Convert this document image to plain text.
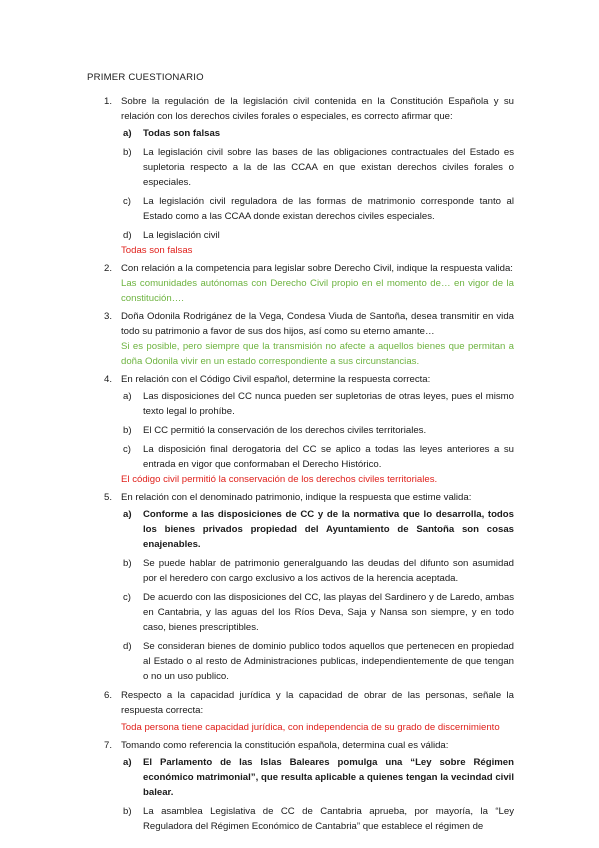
PRIMER CUESTIONARIO
1. Sobre la regulación de la legislación civil contenida en la Constitución Española y su relación con los derechos civiles forales o especiales, es correcto afirmar que:
a) Todas son falsas
b) La legislación civil sobre las bases de las obligaciones contractuales del Estado es supletoria respecto a la de las CCAA en que existan derechos civiles forales o especiales.
c) La legislación civil reguladora de las formas de matrimonio corresponde tanto al Estado como a las CCAA donde existan derechos civiles especiales.
d) La legislación civil
Todas son falsas
2. Con relación a la competencia para legislar sobre Derecho Civil, indique la respuesta valida:
Las comunidades autónomas con Derecho Civil propio en el momento de… en vigor de la constitución….
3. Doña Odonila Rodrigánez de la Vega, Condesa Viuda de Santoña, desea transmitir en vida todo su patrimonio a favor de sus dos hijos, así como su eterno amante…
Si es posible, pero siempre que la transmisión no afecte a aquellos bienes que permitan a doña Odonila vivir en un estado correspondiente a sus circunstancias.
4. En relación con el Código Civil español, determine la respuesta correcta:
a) Las disposiciones del CC nunca pueden ser supletorias de otras leyes, pues el mismo texto legal lo prohíbe.
b) El CC permitió la conservación de los derechos civiles territoriales.
c) La disposición final derogatoria del CC se aplico a todas las leyes anteriores a su entrada en vigor que conformaban el Derecho Histórico.
El código civil permitió la conservación de los derechos civiles territoriales.
5. En relación con el denominado patrimonio, indique la respuesta que estime valida:
a) Conforme a las disposiciones de CC y de la normativa que lo desarrolla, todos los bienes privados propiedad del Ayuntamiento de Santoña son cosas enajenables.
b) Se puede hablar de patrimonio generalguando las deudas del difunto son asumidad por el heredero con cargo exclusivo a los activos de la herencia aceptada.
c) De acuerdo con las disposiciones del CC, las playas del Sardinero y de Laredo, ambas en Cantabria, y las aguas del los Ríos Deva, Saja y Nansa son siempre, y en todo caso, bienes prescriptibles.
d) Se consideran bienes de dominio publico todos aquellos que pertenecen en propiedad al Estado o al resto de Administraciones publicas, independientemente de que tengan o no un uso publico.
6. Respecto a la capacidad jurídica y la capacidad de obrar de las personas, señale la respuesta correcta:
Toda persona tiene capacidad jurídica, con independencia de su grado de discernimiento
7. Tomando como referencia la constitución española, determina cual es válida:
a) El Parlamento de las Islas Baleares pomulga una “Ley sobre Régimen económico matrimonial”, que resulta aplicable a quienes tengan la vecindad civil balear.
b) La asamblea Legislativa de CC de Cantabria aprueba, por mayoría, la “Ley Reguladora del Régimen Económico de Cantabria” que establece el régimen de
